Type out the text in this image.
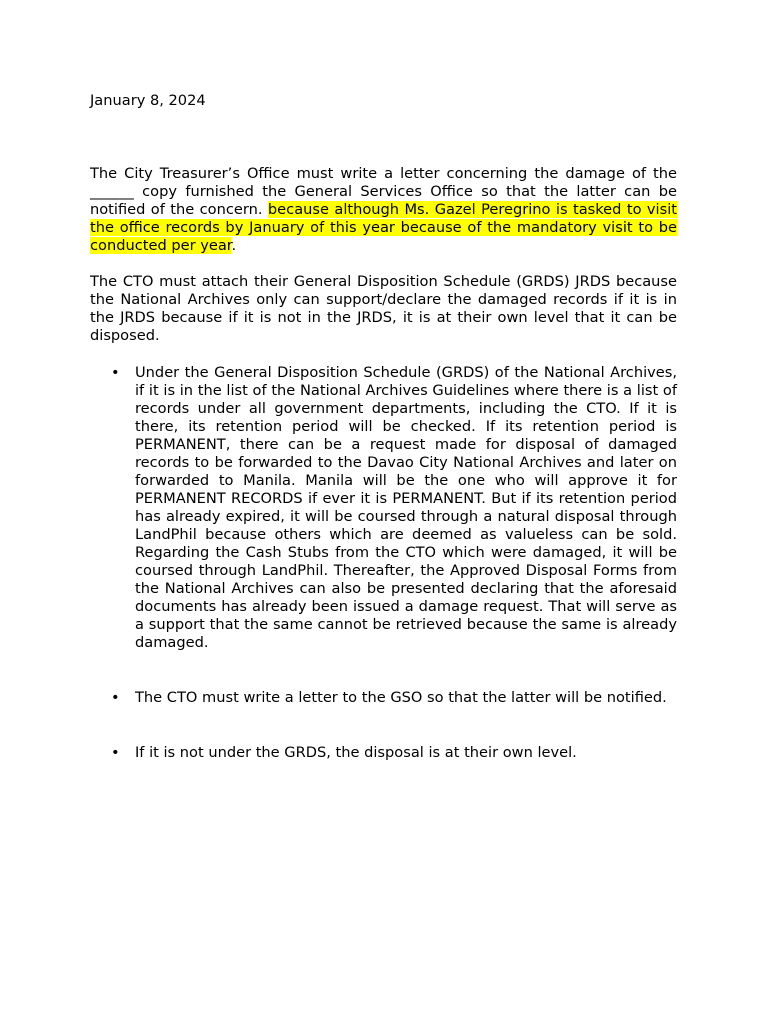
January 8, 2024

The City Treasurer’s Office must write a letter concerning the damage of the ______ copy furnished the General Services Office so that the latter can be notified of the concern. because although Ms. Gazel Peregrino is tasked to visit the office records by January of this year because of the mandatory visit to be conducted per year.

The CTO must attach their General Disposition Schedule (GRDS) JRDS because the National Archives only can support/declare the damaged records if it is in the JRDS because if it is not in the JRDS, it is at their own level that it can be disposed.

• Under the General Disposition Schedule (GRDS) of the National Archives, if it is in the list of the National Archives Guidelines where there is a list of records under all government departments, including the CTO. If it is there, its retention period will be checked. If its retention period is PERMANENT, there can be a request made for disposal of damaged records to be forwarded to the Davao City National Archives and later on forwarded to Manila. Manila will be the one who will approve it for PERMANENT RECORDS if ever it is PERMANENT. But if its retention period has already expired, it will be coursed through a natural disposal through LandPhil because others which are deemed as valueless can be sold. Regarding the Cash Stubs from the CTO which were damaged, it will be coursed through LandPhil. Thereafter, the Approved Disposal Forms from the National Archives can also be presented declaring that the aforesaid documents has already been issued a damage request. That will serve as a support that the same cannot be retrieved because the same is already damaged.

• The CTO must write a letter to the GSO so that the latter will be notified.

• If it is not under the GRDS, the disposal is at their own level.
